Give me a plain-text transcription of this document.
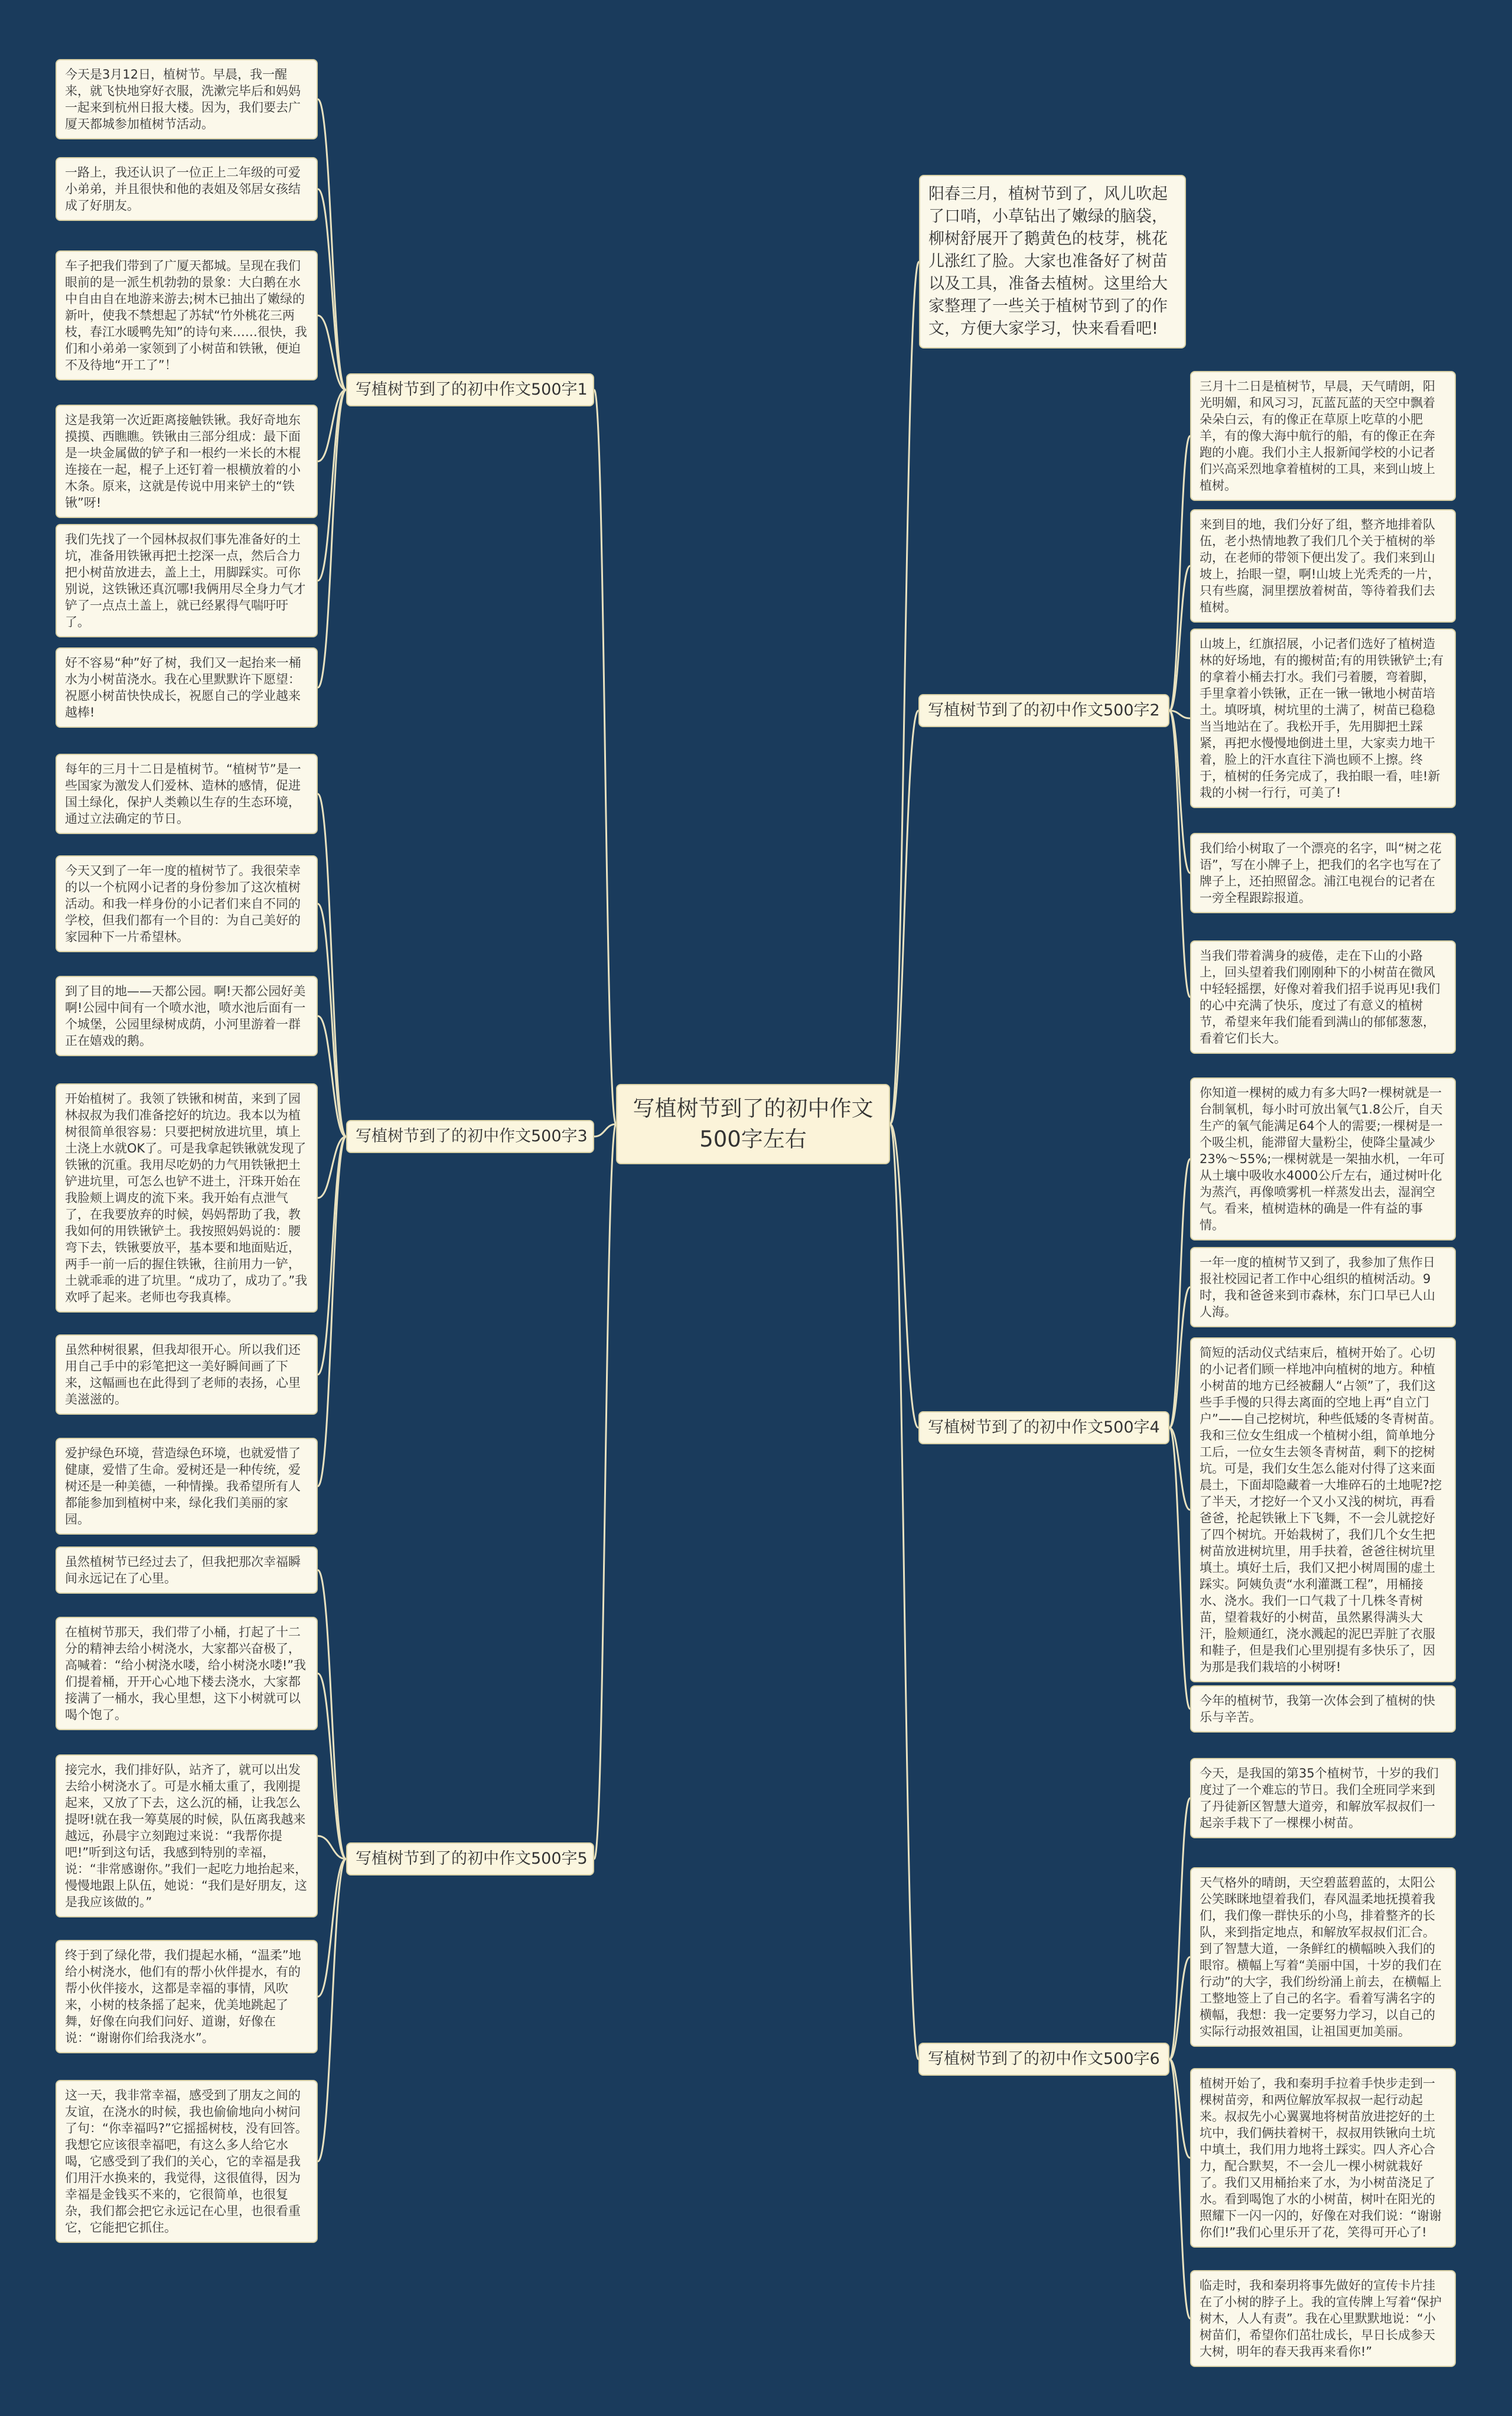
写植树节到了的初中作文500字左右
阳春三月，植树节到了，风儿吹起了口哨，小草钻出了嫩绿的脑袋，柳树舒展开了鹅黄色的枝芽，桃花儿涨红了脸。大家也准备好了树苗以及工具，准备去植树。这里给大家整理了一些关于植树节到了的作文，方便大家学习，快来看看吧!
写植树节到了的初中作文500字1
今天是3月12日，植树节。早晨，我一醒来，就飞快地穿好衣服，洗漱完毕后和妈妈一起来到杭州日报大楼。因为，我们要去广厦天都城参加植树节活动。
一路上，我还认识了一位正上二年级的可爱小弟弟，并且很快和他的表姐及邻居女孩结成了好朋友。
车子把我们带到了广厦天都城。呈现在我们眼前的是一派生机勃勃的景象：大白鹅在水中自由自在地游来游去;树木已抽出了嫩绿的新叶，使我不禁想起了苏轼“竹外桃花三两枝，春江水暖鸭先知”的诗句来……很快，我们和小弟弟一家领到了小树苗和铁锹，便迫不及待地“开工了”！
这是我第一次近距离接触铁锹。我好奇地东摸摸、西瞧瞧。铁锹由三部分组成：最下面是一块金属做的铲子和一根约一米长的木棍连接在一起，棍子上还钉着一根横放着的小木条。原来，这就是传说中用来铲土的“铁锹”呀!
我们先找了一个园林叔叔们事先准备好的土坑，准备用铁锹再把土挖深一点，然后合力把小树苗放进去，盖上土，用脚踩实。可你别说，这铁锹还真沉哪!我俩用尽全身力气才铲了一点点土盖上，就已经累得气喘吁吁了。
好不容易“种”好了树，我们又一起抬来一桶水为小树苗浇水。我在心里默默许下愿望：祝愿小树苗快快成长，祝愿自己的学业越来越棒!
写植树节到了的初中作文500字3
每年的三月十二日是植树节。“植树节”是一些国家为激发人们爱林、造林的感情，促进国土绿化，保护人类赖以生存的生态环境，通过立法确定的节日。
今天又到了一年一度的植树节了。我很荣幸的以一个杭网小记者的身份参加了这次植树活动。和我一样身份的小记者们来自不同的学校，但我们都有一个目的：为自己美好的家园种下一片希望林。
到了目的地——天都公园。啊!天都公园好美啊!公园中间有一个喷水池，喷水池后面有一个城堡，公园里绿树成荫，小河里游着一群正在嬉戏的鹅。
开始植树了。我领了铁锹和树苗，来到了园林叔叔为我们准备挖好的坑边。我本以为植树很简单很容易：只要把树放进坑里，填上土浇上水就OK了。可是我拿起铁锹就发现了铁锹的沉重。我用尽吃奶的力气用铁锹把土铲进坑里，可怎么也铲不进土，汗珠开始在我脸颊上调皮的流下来。我开始有点泄气了，在我要放弃的时候，妈妈帮助了我，教我如何的用铁锹铲土。我按照妈妈说的：腰弯下去，铁锹要放平，基本要和地面贴近，两手一前一后的握住铁锹，往前用力一铲，土就乖乖的进了坑里。“成功了，成功了。”我欢呼了起来。老师也夸我真棒。
虽然种树很累，但我却很开心。所以我们还用自己手中的彩笔把这一美好瞬间画了下来，这幅画也在此得到了老师的表扬，心里美滋滋的。
爱护绿色环境，营造绿色环境，也就爱惜了健康，爱惜了生命。爱树还是一种传统，爱树还是一种美德，一种情操。我希望所有人都能参加到植树中来，绿化我们美丽的家园。
写植树节到了的初中作文500字5
虽然植树节已经过去了，但我把那次幸福瞬间永远记在了心里。
在植树节那天，我们带了小桶，打起了十二分的精神去给小树浇水，大家都兴奋极了，高喊着：“给小树浇水喽，给小树浇水喽!”我们提着桶，开开心心地下楼去浇水，大家都接满了一桶水，我心里想，这下小树就可以喝个饱了。
接完水，我们排好队，站齐了，就可以出发去给小树浇水了。可是水桶太重了，我刚提起来，又放了下去，这么沉的桶，让我怎么提呀!就在我一筹莫展的时候，队伍离我越来越远，孙晨宇立刻跑过来说：“我帮你提吧!”听到这句话，我感到特别的幸福，说：“非常感谢你。”我们一起吃力地抬起来，慢慢地跟上队伍，她说：“我们是好朋友，这是我应该做的。”
终于到了绿化带，我们提起水桶，“温柔”地给小树浇水，他们有的帮小伙伴提水，有的帮小伙伴接水，这都是幸福的事情，风吹来，小树的枝条摇了起来，优美地跳起了舞，好像在向我们问好、道谢，好像在说：“谢谢你们给我浇水”。
这一天，我非常幸福，感受到了朋友之间的友谊，在浇水的时候，我也偷偷地向小树问了句：“你幸福吗?”它摇摇树枝，没有回答。我想它应该很幸福吧，有这么多人给它水喝，它感受到了我们的关心，它的幸福是我们用汗水换来的，我觉得，这很值得，因为幸福是金钱买不来的，它很简单，也很复杂，我们都会把它永远记在心里，也很看重它，它能把它抓住。
写植树节到了的初中作文500字2
三月十二日是植树节，早晨，天气晴朗，阳光明媚，和风习习，瓦蓝瓦蓝的天空中飘着朵朵白云，有的像正在草原上吃草的小肥羊，有的像大海中航行的船，有的像正在奔跑的小鹿。我们小主人报新闻学校的小记者们兴高采烈地拿着植树的工具，来到山坡上植树。
来到目的地，我们分好了组，整齐地排着队伍，老小热情地教了我们几个关于植树的举动，在老师的带领下便出发了。我们来到山坡上，抬眼一望，啊!山坡上光秃秃的一片，只有些腐，洞里摆放着树苗，等待着我们去植树。
山坡上，红旗招展，小记者们选好了植树造林的好场地，有的搬树苗;有的用铁锹铲土;有的拿着小桶去打水。我们弓着腰，弯着脚，手里拿着小铁锹，正在一锹一锹地小树苗培土。填呀填，树坑里的土满了，树苗已稳稳当当地站在了。我松开手，先用脚把土踩紧，再把水慢慢地倒进土里，大家卖力地干着，脸上的汗水直往下淌也顾不上擦。终于，植树的任务完成了，我拍眼一看，哇!新栽的小树一行行，可美了!
我们给小树取了一个漂亮的名字，叫“树之花语”，写在小牌子上，把我们的名字也写在了牌子上，还拍照留念。浦江电视台的记者在一旁全程跟踪报道。
当我们带着满身的疲倦，走在下山的小路上，回头望着我们刚刚种下的小树苗在微风中轻轻摇摆，好像对着我们招手说再见!我们的心中充满了快乐，度过了有意义的植树节，希望来年我们能看到满山的郁郁葱葱，看着它们长大。
写植树节到了的初中作文500字4
你知道一棵树的威力有多大吗?一棵树就是一台制氧机，每小时可放出氧气1.8公斤，自天生产的氧气能满足64个人的需要;一棵树是一个吸尘机，能滞留大量粉尘，使降尘量减少23%～55%;一棵树就是一架抽水机，一年可从土壤中吸收水4000公斤左右，通过树叶化为蒸汽，再像喷雾机一样蒸发出去，湿润空气。看来，植树造林的确是一件有益的事情。
一年一度的植树节又到了，我参加了焦作日报社校园记者工作中心组织的植树活动。9时，我和爸爸来到市森林，东门口早已人山人海。
简短的活动仪式结束后，植树开始了。心切的小记者们顾一样地冲向植树的地方。种植小树苗的地方已经被翻人“占领”了，我们这些手手慢的只得去离面的空地上再“自立门户”——自己挖树坑，种些低矮的冬青树苗。我和三位女生组成一个植树小组，简单地分工后，一位女生去领冬青树苗，剩下的挖树坑。可是，我们女生怎么能对付得了这来面晨土，下面却隐藏着一大堆碎石的土地呢?挖了半天，才挖好一个又小又浅的树坑，再看爸爸，抡起铁锹上下飞舞，不一会儿就挖好了四个树坑。开始栽树了，我们几个女生把树苗放进树坑里，用手扶着，爸爸往树坑里填土。填好土后，我们又把小树周围的虚土踩实。阿姨负责“水利灌溉工程”，用桶接水、浇水。我们一口气栽了十几株冬青树苗，望着栽好的小树苗，虽然累得满头大汗，脸颊通红，浇水溅起的泥巴弄脏了衣服和鞋子，但是我们心里别提有多快乐了，因为那是我们栽培的小树呀!
今年的植树节，我第一次体会到了植树的快乐与辛苦。
写植树节到了的初中作文500字6
今天，是我国的第35个植树节，十岁的我们度过了一个难忘的节日。我们全班同学来到了丹徒新区智慧大道旁，和解放军叔叔们一起亲手栽下了一棵棵小树苗。
天气格外的晴朗，天空碧蓝碧蓝的，太阳公公笑眯眯地望着我们，春风温柔地抚摸着我们，我们像一群快乐的小鸟，排着整齐的长队，来到指定地点，和解放军叔叔们汇合。到了智慧大道，一条鲜红的横幅映入我们的眼帘。横幅上写着“美丽中国，十岁的我们在行动”的大字，我们纷纷涌上前去，在横幅上工整地签上了自己的名字。看着写满名字的横幅，我想：我一定要努力学习，以自己的实际行动报效祖国，让祖国更加美丽。
植树开始了，我和秦玥手拉着手快步走到一棵树苗旁，和两位解放军叔叔一起行动起来。叔叔先小心翼翼地将树苗放进挖好的土坑中，我们俩扶着树干，叔叔用铁锹向土坑中填土，我们用力地将土踩实。四人齐心合力，配合默契，不一会儿一棵小树就栽好了。我们又用桶抬来了水，为小树苗浇足了水。看到喝饱了水的小树苗，树叶在阳光的照耀下一闪一闪的，好像在对我们说：“谢谢你们!”我们心里乐开了花，笑得可开心了!
临走时，我和秦玥将事先做好的宣传卡片挂在了小树的脖子上。我的宣传牌上写着“保护树木，人人有责”。我在心里默默地说：“小树苗们，希望你们茁壮成长，早日长成参天大树，明年的春天我再来看你!”
